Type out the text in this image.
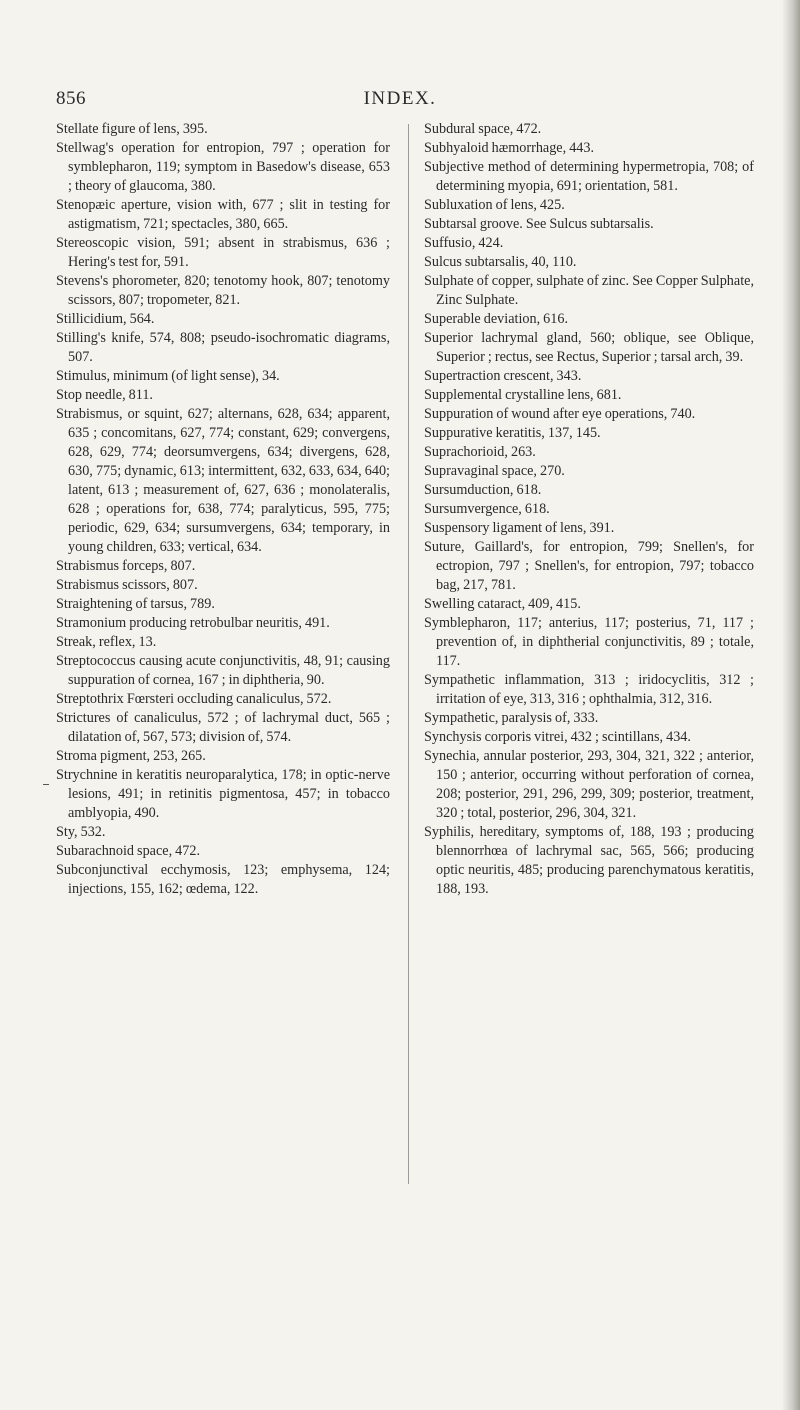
856	INDEX.

Stellate figure of lens, 395.

Stellwag's operation for entropion, 797 ; operation for symblepharon, 119; symptom in Basedow's disease, 653 ; theory of glaucoma, 380.

Stenopæic aperture, vision with, 677 ; slit in testing for astigmatism, 721; spectacles, 380, 665.

Stereoscopic vision, 591; absent in strabismus, 636 ; Hering's test for, 591.

Stevens's phorometer, 820; tenotomy hook, 807; tenotomy scissors, 807; tropometer, 821.

Stillicidium, 564.

Stilling's knife, 574, 808; pseudo-isochromatic diagrams, 507.

Stimulus, minimum (of light sense), 34.

Stop needle, 811.

Strabismus, or squint, 627; alternans, 628, 634; apparent, 635 ; concomitans, 627, 774; constant, 629; convergens, 628, 629, 774; deorsumvergens, 634; divergens, 628, 630, 775; dynamic, 613; intermittent, 632, 633, 634, 640; latent, 613 ; measurement of, 627, 636 ; monolateralis, 628 ; operations for, 638, 774; paralyticus, 595, 775; periodic, 629, 634; sursumvergens, 634; temporary, in young children, 633; vertical, 634.

Strabismus forceps, 807.

Strabismus scissors, 807.

Straightening of tarsus, 789.

Stramonium producing retrobulbar neuritis, 491.

Streak, reflex, 13.

Streptococcus causing acute conjunctivitis, 48, 91; causing suppuration of cornea, 167 ; in diphtheria, 90.

Streptothrix Fœrsteri occluding canaliculus, 572.

Strictures of canaliculus, 572 ; of lachrymal duct, 565 ; dilatation of, 567, 573; division of, 574.

Stroma pigment, 253, 265.

Strychnine in keratitis neuroparalytica, 178; in optic-nerve lesions, 491; in retinitis pigmentosa, 457; in tobacco amblyopia, 490.

Sty, 532.

Subarachnoid space, 472.

Subconjunctival ecchymosis, 123; emphysema, 124; injections, 155, 162; œdema, 122.

Subdural space, 472.

Subhyaloid hæmorrhage, 443.

Subjective method of determining hypermetropia, 708; of determining myopia, 691; orientation, 581.

Subluxation of lens, 425.

Subtarsal groove. See Sulcus subtarsalis.

Suffusio, 424.

Sulcus subtarsalis, 40, 110.

Sulphate of copper, sulphate of zinc. See Copper Sulphate, Zinc Sulphate.

Superable deviation, 616.

Superior lachrymal gland, 560; oblique, see Oblique, Superior ; rectus, see Rectus, Superior ; tarsal arch, 39.

Supertraction crescent, 343.

Supplemental crystalline lens, 681.

Suppuration of wound after eye operations, 740.

Suppurative keratitis, 137, 145.

Suprachorioid, 263.

Supravaginal space, 270.

Sursumduction, 618.

Sursumvergence, 618.

Suspensory ligament of lens, 391.

Suture, Gaillard's, for entropion, 799; Snellen's, for ectropion, 797 ; Snellen's, for entropion, 797; tobacco bag, 217, 781.

Swelling cataract, 409, 415.

Symblepharon, 117; anterius, 117; posterius, 71, 117 ; prevention of, in diphtherial conjunctivitis, 89 ; totale, 117.

Sympathetic inflammation, 313 ; iridocyclitis, 312 ; irritation of eye, 313, 316 ; ophthalmia, 312, 316.

Sympathetic, paralysis of, 333.

Synchysis corporis vitrei, 432 ; scintillans, 434.

Synechia, annular posterior, 293, 304, 321, 322 ; anterior, 150 ; anterior, occurring without perforation of cornea, 208; posterior, 291, 296, 299, 309; posterior, treatment, 320 ; total, posterior, 296, 304, 321.

Syphilis, hereditary, symptoms of, 188, 193 ; producing blennorrhœa of lachrymal sac, 565, 566; producing optic neuritis, 485; producing parenchymatous keratitis, 188, 193.
